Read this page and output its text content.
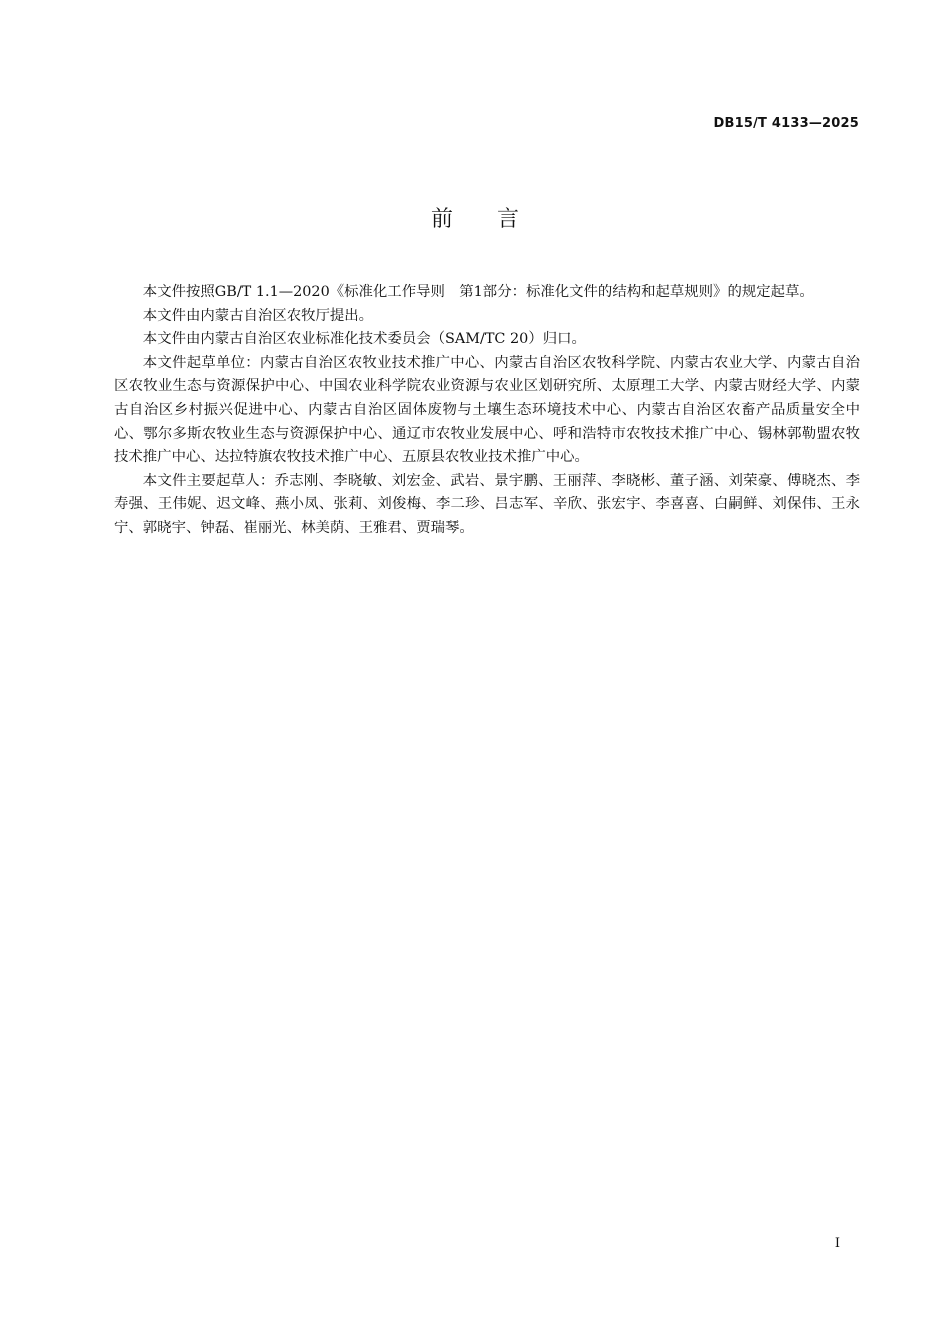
DB15/T 4133—2025
前言

本文件按照GB/T 1.1—2020《标准化工作导则　第1部分：标准化文件的结构和起草规则》的规定起草。

本文件由内蒙古自治区农牧厅提出。

本文件由内蒙古自治区农业标准化技术委员会（SAM/TC 20）归口。

本文件起草单位：内蒙古自治区农牧业技术推广中心、内蒙古自治区农牧科学院、内蒙古农业大学、内蒙古自治区农牧业生态与资源保护中心、中国农业科学院农业资源与农业区划研究所、太原理工大学、内蒙古财经大学、内蒙古自治区乡村振兴促进中心、内蒙古自治区固体废物与土壤生态环境技术中心、内蒙古自治区农畜产品质量安全中心、鄂尔多斯农牧业生态与资源保护中心、通辽市农牧业发展中心、呼和浩特市农牧技术推广中心、锡林郭勒盟农牧技术推广中心、达拉特旗农牧技术推广中心、五原县农牧业技术推广中心。

本文件主要起草人：乔志刚、李晓敏、刘宏金、武岩、景宇鹏、王丽萍、李晓彬、董子涵、刘荣豪、傅晓杰、李寿强、王伟妮、迟文峰、燕小凤、张莉、刘俊梅、李二珍、吕志军、辛欣、张宏宇、李喜喜、白嗣鲜、刘保伟、王永宁、郭晓宇、钟磊、崔丽光、林美荫、王雅君、贾瑞琴。

I
